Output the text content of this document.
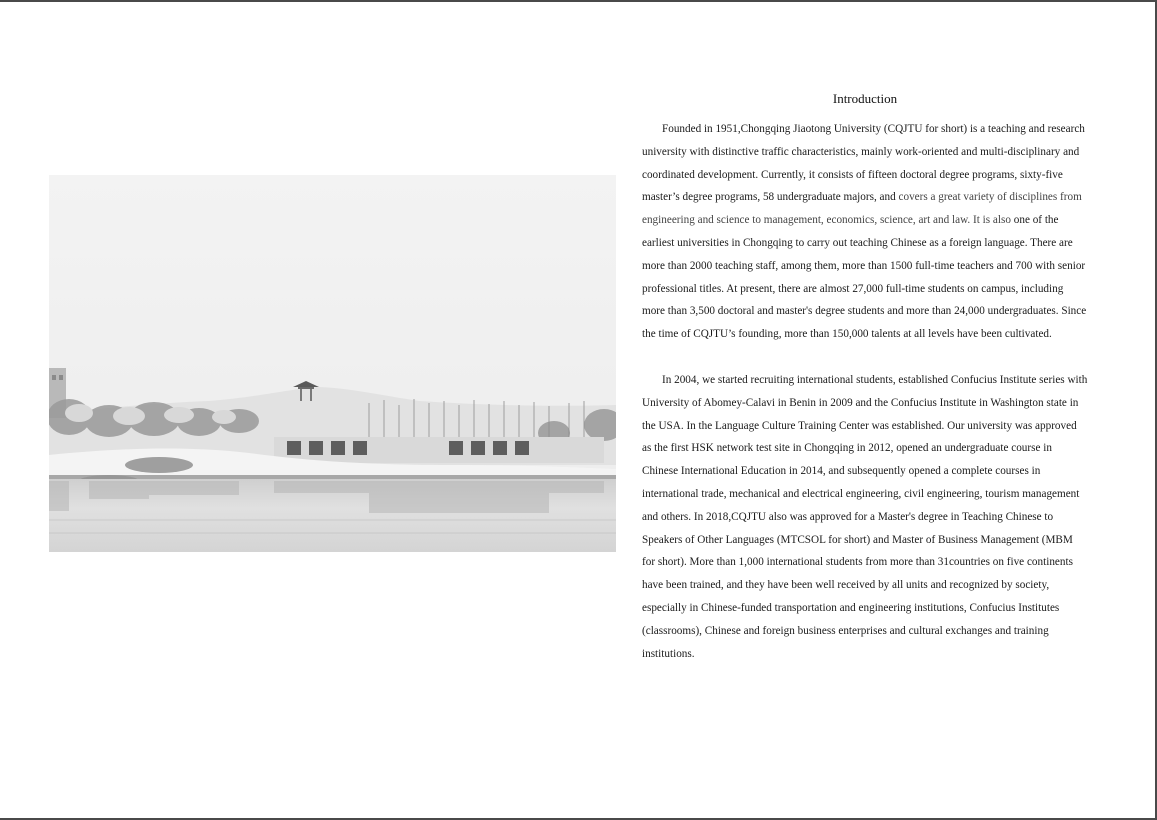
Introduction

Founded in 1951,Chongqing Jiaotong University (CQJTU for short) is a teaching and research university with distinctive traffic characteristics, mainly work-oriented and multi-disciplinary and coordinated development. Currently, it consists of fifteen doctoral degree programs, sixty-five master’s degree programs, 58 undergraduate majors, and covers a great variety of disciplines from engineering and science to management, economics, science, art and law. It is also one of the earliest universities in Chongqing to carry out teaching Chinese as a foreign language. There are more than 2000 teaching staff, among them, more than 1500 full-time teachers and 700 with senior professional titles. At present, there are almost 27,000 full-time students on campus, including more than 3,500 doctoral and master's degree students and more than 24,000 undergraduates. Since the time of CQJTU’s founding, more than 150,000 talents at all levels have been cultivated.

In 2004, we started recruiting international students, established Confucius Institute series with University of Abomey-Calavi in Benin in 2009 and the Confucius Institute in Washington state in the USA. In the Language Culture Training Center was established. Our university was approved as the first HSK network test site in Chongqing in 2012, opened an undergraduate course in Chinese International Education in 2014, and subsequently opened a complete courses in international trade, mechanical and electrical engineering, civil engineering, tourism management and others. In 2018,CQJTU also was approved for a Master's degree in Teaching Chinese to Speakers of Other Languages (MTCSOL for short) and Master of Business Management (MBM for short). More than 1,000 international students from more than 31countries on five continents have been trained, and they have been well received by all units and recognized by society, especially in Chinese-funded transportation and engineering institutions, Confucius Institutes (classrooms), Chinese and foreign business enterprises and cultural exchanges and training institutions.
